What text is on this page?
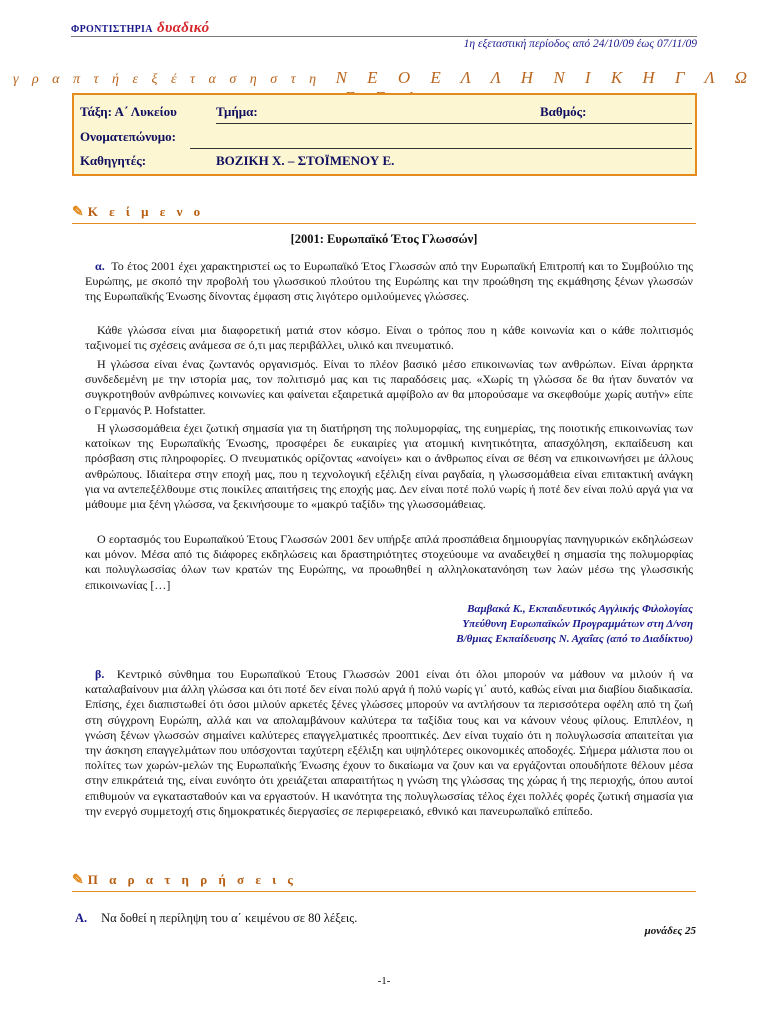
ΦΡΟΝΤΙΣΤΗΡΙΑ δυαδικό
1η εξεταστική περίοδος από 24/10/09 έως 07/11/09
γ ρ α π τ ή ε ξ έ τ α σ η σ τ η Ν Ε Ο Ε Λ Λ Η Ν Ι Κ Η Γ Λ Ω
Τάξη: Α΄ Λυκείου	Τμήμα:	Βαθμός:
Ονοματεπώνυμο:
Καθηγητές:	ΒΟΖΙΚΗ Χ. – ΣΤΟΪΜΕΝΟΥ Ε.
✎ Κ ε ί μ ε ν ο
[2001: Ευρωπαϊκό Έτος Γλωσσών]
α. Το έτος 2001 έχει χαρακτηριστεί ως το Ευρωπαϊκό Έτος Γλωσσών από την Ευρωπαϊκή Επιτροπή και το Συμβούλιο της Ευρώπης, με σκοπό την προβολή του γλωσσικού πλούτου της Ευρώπης και την προώθηση της εκμάθησης ξένων γλωσσών της Ευρωπαϊκής Ένωσης δίνοντας έμφαση στις λιγότερο ομιλούμενες γλώσσες.
Κάθε γλώσσα είναι μια διαφορετική ματιά στον κόσμο. Είναι ο τρόπος που η κάθε κοινωνία και ο κάθε πολιτισμός ταξινομεί τις σχέσεις ανάμεσα σε ό,τι μας περιβάλλει, υλικό και πνευματικό.
Η γλώσσα είναι ένας ζωντανός οργανισμός. Είναι το πλέον βασικό μέσο επικοινωνίας των ανθρώπων. Είναι άρρηκτα συνδεδεμένη με την ιστορία μας, τον πολιτισμό μας και τις παραδόσεις μας. «Χωρίς τη γλώσσα δε θα ήταν δυνατόν να συγκροτηθούν ανθρώπινες κοινωνίες και φαίνεται εξαιρετικά αμφίβολο αν θα μπορούσαμε να σκεφθούμε χωρίς αυτήν» είπε ο Γερμανός P. Hofstatter.
Η γλωσσομάθεια έχει ζωτική σημασία για τη διατήρηση της πολυμορφίας, της ευημερίας, της ποιοτικής επικοινωνίας των κατοίκων της Ευρωπαϊκής Ένωσης, προσφέρει δε ευκαιρίες για ατομική κινητικότητα, απασχόληση, εκπαίδευση και πρόσβαση στις πληροφορίες. Ο πνευματικός ορίζοντας «ανοίγει» και ο άνθρωπος είναι σε θέση να επικοινωνήσει με άλλους ανθρώπους. Ιδιαίτερα στην εποχή μας, που η τεχνολογική εξέλιξη είναι ραγδαία, η γλωσσομάθεια είναι επιτακτική ανάγκη για να αντεπεξέλθουμε στις ποικίλες απαιτήσεις της εποχής μας. Δεν είναι ποτέ πολύ νωρίς ή ποτέ δεν είναι πολύ αργά για να μάθουμε μια ξένη γλώσσα, να ξεκινήσουμε το «μακρύ ταξίδι» της γλωσσομάθειας.
Ο εορτασμός του Ευρωπαϊκού Έτους Γλωσσών 2001 δεν υπήρξε απλά προσπάθεια δημιουργίας πανηγυρικών εκδηλώσεων και μόνον. Μέσα από τις διάφορες εκδηλώσεις και δραστηριότητες στοχεύουμε να αναδειχθεί η σημασία της πολυμορφίας και πολυγλωσσίας όλων των κρατών της Ευρώπης, να προωθηθεί η αλληλοκατανόηση των λαών μέσω της γλωσσικής επικοινωνίας […]
Βαμβακά Κ., Εκπαιδευτικός Αγγλικής Φιλολογίας
Υπεύθυνη Ευρωπαϊκών Προγραμμάτων στη Δ/νση
Β/θμιας Εκπαίδευσης Ν. Αχαΐας (από το Διαδίκτυο)
β. Κεντρικό σύνθημα του Ευρωπαϊκού Έτους Γλωσσών 2001 είναι ότι όλοι μπορούν να μάθουν να μιλούν ή να καταλαβαίνουν μια άλλη γλώσσα και ότι ποτέ δεν είναι πολύ αργά ή πολύ νωρίς γι΄ αυτό, καθώς είναι μια διαβίου διαδικασία. Επίσης, έχει διαπιστωθεί ότι όσοι μιλούν αρκετές ξένες γλώσσες μπορούν να αντλήσουν τα περισσότερα οφέλη από τη ζωή στη σύγχρονη Ευρώπη, αλλά και να απολαμβάνουν καλύτερα τα ταξίδια τους και να κάνουν νέους φίλους. Επιπλέον, η γνώση ξένων γλωσσών σημαίνει καλύτερες επαγγελματικές προοπτικές. Δεν είναι τυχαίο ότι η πολυγλωσσία απαιτείται για την άσκηση επαγγελμάτων που υπόσχονται ταχύτερη εξέλιξη και υψηλότερες οικονομικές αποδοχές. Σήμερα μάλιστα που οι πολίτες των χωρών-μελών της Ευρωπαϊκής Ένωσης έχουν το δικαίωμα να ζουν και να εργάζονται οπουδήποτε θέλουν μέσα στην επικράτειά της, είναι ευνόητο ότι χρειάζεται απαραιτήτως η γνώση της γλώσσας της χώρας ή της περιοχής, όπου αυτοί επιθυμούν να εγκατασταθούν και να εργαστούν. Η ικανότητα της πολυγλωσσίας τέλος έχει πολλές φορές ζωτική σημασία για την ενεργό συμμετοχή στις δημοκρατικές διεργασίες σε περιφερειακό, εθνικό και πανευρωπαϊκό επίπεδο.
✎ Π α ρ α τ η ρ ή σ ε ι ς
Α. Να δοθεί η περίληψη του α΄ κειμένου σε 80 λέξεις.
μονάδες 25
-1-
